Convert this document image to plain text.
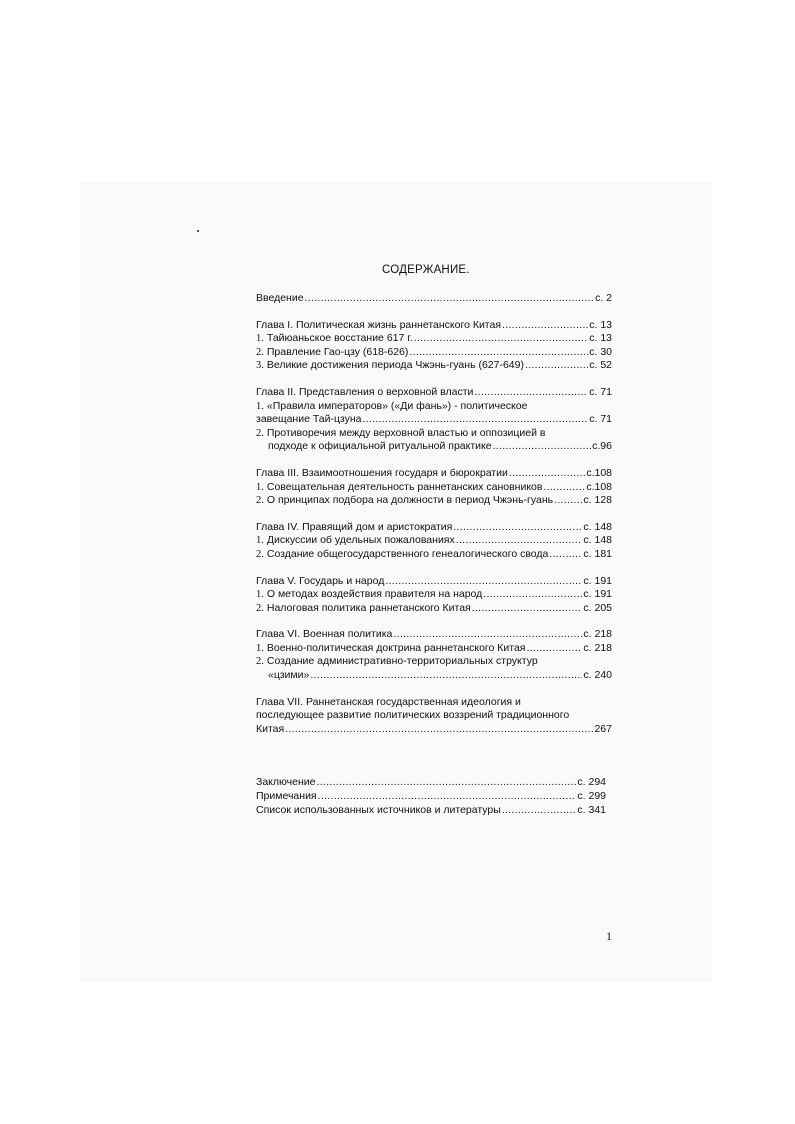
СОДЕРЖАНИЕ.
Введение .....	с. 2
Глава I. Политическая жизнь раннетанского Китая .....	с. 13
1. Тайюаньское восстание 617 г. .....	с. 13
2. Правление Гао-цзу (618-626) .....	с. 30
3. Великие достижения периода Чжэнь-гуань (627-649) .....	с. 52
Глава II. Представления о верховной власти .....	с. 71
1. «Правила императоров» («Ди фань») - политическое
завещание Тай-цзуна .....	с. 71
2. Противоречия между верховной властью и оппозицией в
подходе к официальной ритуальной практике .....	с.96
Глава III. Взаимоотношения государя и бюрократии .....	с.108
1. Совещательная деятельность раннетанских сановников .....	с.108
2. О принципах подбора на должности в период Чжэнь-гуань .....	с. 128
Глава IV. Правящий дом и аристократия .....	с. 148
1. Дискуссии об удельных пожалованиях .....	с. 148
2. Создание общегосударственного генеалогического свода .....	с. 181
Глава V. Государь и народ .....	с. 191
1. О методах воздействия правителя на народ .....	с. 191
2. Налоговая политика раннетанского Китая .....	с. 205
Глава VI. Военная политика .....	с. 218
1. Военно-политическая доктрина раннетанского Китая .....	с. 218
2. Создание административно-территориальных структур
«цзими» .....	с. 240
Глава VII. Раннетанская государственная идеология и
последующее развитие политических воззрений традиционного
Китая .....	267
Заключение .....	с. 294
Примечания .....	с. 299
Список использованных источников и литературы .....	с. 341
1
